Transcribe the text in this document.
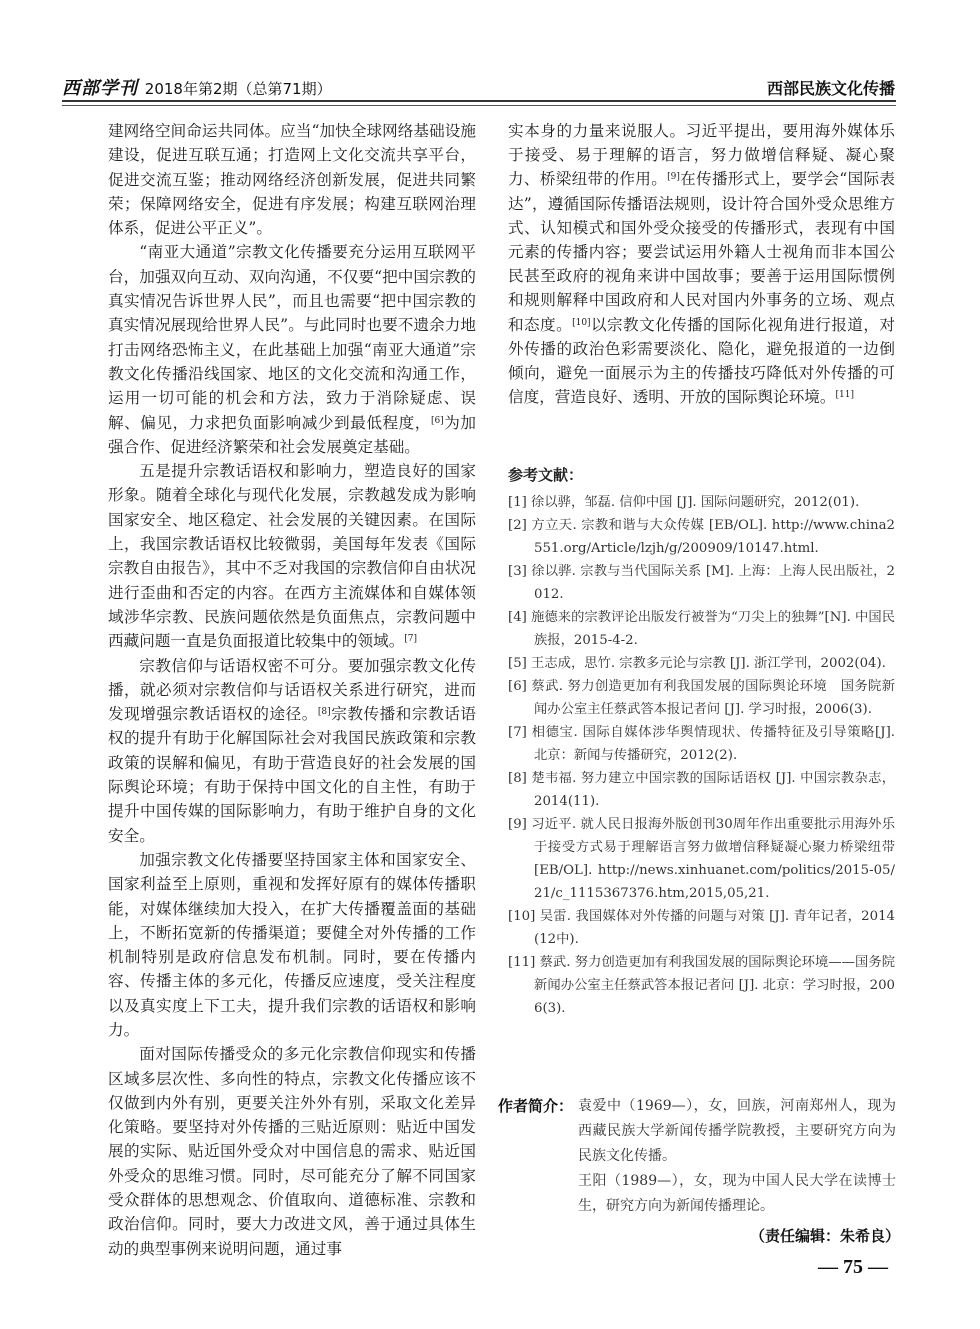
西部学刊 2018年第2期（总第71期）	西部民族文化传播

建网络空间命运共同体。应当“加快全球网络基础设施建设，促进互联互通；打造网上文化交流共享平台，促进交流互鉴；推动网络经济创新发展，促进共同繁荣；保障网络安全，促进有序发展；构建互联网治理体系，促进公平正义”。

“南亚大通道”宗教文化传播要充分运用互联网平台，加强双向互动、双向沟通，不仅要“把中国宗教的真实情况告诉世界人民”，而且也需要“把中国宗教的真实情况展现给世界人民”。与此同时也要不遗余力地打击网络恐怖主义，在此基础上加强“南亚大通道”宗教文化传播沿线国家、地区的文化交流和沟通工作，运用一切可能的机会和方法，致力于消除疑虑、误解、偏见，力求把负面影响减少到最低程度，[6]为加强合作、促进经济繁荣和社会发展奠定基础。

五是提升宗教话语权和影响力，塑造良好的国家形象。随着全球化与现代化发展，宗教越发成为影响国家安全、地区稳定、社会发展的关键因素。在国际上，我国宗教话语权比较微弱，美国每年发表《国际宗教自由报告》，其中不乏对我国的宗教信仰自由状况进行歪曲和否定的内容。在西方主流媒体和自媒体领域涉华宗教、民族问题依然是负面焦点，宗教问题中西藏问题一直是负面报道比较集中的领域。[7]

宗教信仰与话语权密不可分。要加强宗教文化传播，就必须对宗教信仰与话语权关系进行研究，进而发现增强宗教话语权的途径。[8]宗教传播和宗教话语权的提升有助于化解国际社会对我国民族政策和宗教政策的误解和偏见，有助于营造良好的社会发展的国际舆论环境；有助于保持中国文化的自主性，有助于提升中国传媒的国际影响力，有助于维护自身的文化安全。

加强宗教文化传播要坚持国家主体和国家安全、国家利益至上原则，重视和发挥好原有的媒体传播职能，对媒体继续加大投入，在扩大传播覆盖面的基础上，不断拓宽新的传播渠道；要健全对外传播的工作机制特别是政府信息发布机制。同时，要在传播内容、传播主体的多元化，传播反应速度，受关注程度以及真实度上下工夫，提升我们宗教的话语权和影响力。

面对国际传播受众的多元化宗教信仰现实和传播区域多层次性、多向性的特点，宗教文化传播应该不仅做到内外有别，更要关注外外有别，采取文化差异化策略。要坚持对外传播的三贴近原则：贴近中国发展的实际、贴近国外受众对中国信息的需求、贴近国外受众的思维习惯。同时，尽可能充分了解不同国家受众群体的思想观念、价值取向、道德标准、宗教和政治信仰。同时，要大力改进文风，善于通过具体生动的典型事例来说明问题，通过事

实本身的力量来说服人。习近平提出，要用海外媒体乐于接受、易于理解的语言，努力做增信释疑、凝心聚力、桥梁纽带的作用。[9]在传播形式上，要学会“国际表达”，遵循国际传播语法规则，设计符合国外受众思维方式、认知模式和国外受众接受的传播形式，表现有中国元素的传播内容；要尝试运用外籍人士视角而非本国公民甚至政府的视角来讲中国故事；要善于运用国际惯例和规则解释中国政府和人民对国内外事务的立场、观点和态度。[10]以宗教文化传播的国际化视角进行报道，对外传播的政治色彩需要淡化、隐化，避免报道的一边倒倾向，避免一面展示为主的传播技巧降低对外传播的可信度，营造良好、透明、开放的国际舆论环境。[11]

参考文献：
[1] 徐以骅，邹磊. 信仰中国 [J]. 国际问题研究，2012(01).
[2] 方立天. 宗教和谐与大众传媒 [EB/OL]. http://www.china2551.org/Article/lzjh/g/200909/10147.html.
[3] 徐以骅. 宗教与当代国际关系 [M]. 上海：上海人民出版社，2012.
[4] 施德来的宗教评论出版发行被誉为“刀尖上的独舞”[N]. 中国民族报，2015-4-2.
[5] 王志成，思竹. 宗教多元论与宗教 [J]. 浙江学刊，2002(04).
[6] 蔡武. 努力创造更加有利我国发展的国际舆论环境　国务院新闻办公室主任蔡武答本报记者问 [J]. 学习时报，2006(3).
[7] 相德宝. 国际自媒体涉华舆情现状、传播特征及引导策略[J]. 北京：新闻与传播研究，2012(2).
[8] 楚韦福. 努力建立中国宗教的国际话语权 [J]. 中国宗教杂志，2014(11).
[9] 习近平. 就人民日报海外版创刊30周年作出重要批示用海外乐于接受方式易于理解语言努力做增信释疑凝心聚力桥梁纽带 [EB/OL]. http://news.xinhuanet.com/politics/2015-05/21/c_1115367376.htm,2015,05,21.
[10] 吴雷. 我国媒体对外传播的问题与对策 [J]. 青年记者，2014(12中).
[11] 蔡武. 努力创造更加有利我国发展的国际舆论环境——国务院新闻办公室主任蔡武答本报记者问 [J]. 北京：学习时报，2006(3).
作者简介： 袁爱中（1969—），女，回族，河南郑州人，现为西藏民族大学新闻传播学院教授，主要研究方向为民族文化传播。
王阳（1989—），女，现为中国人民大学在读博士生，研究方向为新闻传播理论。
（责任编辑：朱希良）
— 75 —
